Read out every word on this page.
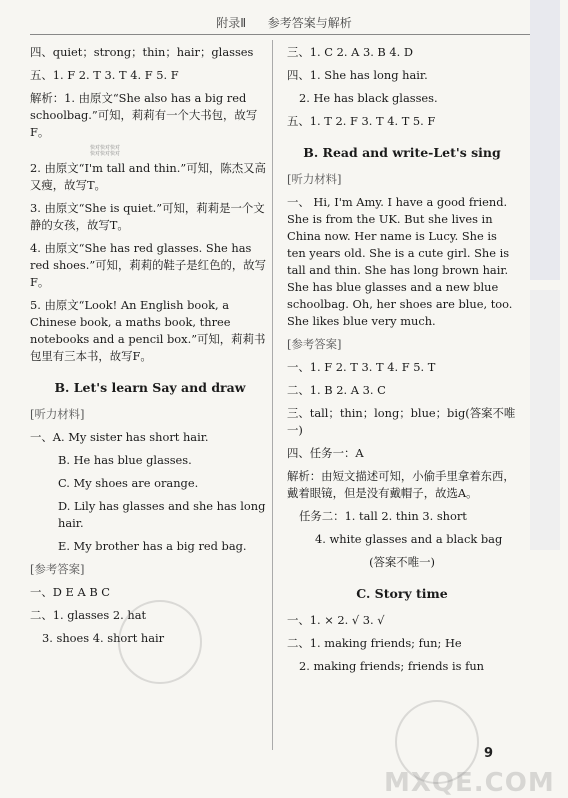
附录Ⅱ 参考答案与解析

四、quiet；strong；thin；hair；glasses

五、1. F 2. T 3. T 4. F 5. F

解析：1. 由原文“She also has a big red schoolbag.”可知，莉莉有一个大书包，故写F。

快对快对快对
快对快对快对

2. 由原文“I'm tall and thin.”可知，陈杰又高又瘦，故写T。

3. 由原文“She is quiet.”可知，莉莉是一个文静的女孩，故写T。

4. 由原文“She has red glasses. She has red shoes.”可知，莉莉的鞋子是红色的，故写F。

5. 由原文“Look! An English book, a Chinese book, a maths book, three notebooks and a pencil box.”可知，莉莉书包里有三本书，故写F。

B. Let's learn Say and draw
[听力材料]

一、A. My sister has short hair.

B. He has blue glasses.

C. My shoes are orange.

D. Lily has glasses and she has long hair.

E. My brother has a big red bag.

[参考答案]

一、D E A B C

二、1. glasses 2. hat

3. shoes 4. short hair

三、1. C 2. A 3. B 4. D

四、1. She has long hair.

2. He has black glasses.

五、1. T 2. F 3. T 4. T 5. F

B. Read and write-Let's sing
[听力材料]

一、 Hi, I'm Amy. I have a good friend. She is from the UK. But she lives in China now. Her name is Lucy. She is ten years old. She is a cute girl. She is tall and thin. She has long brown hair. She has blue glasses and a new blue schoolbag. Oh, her shoes are blue, too. She likes blue very much.

[参考答案]

一、1. F 2. T 3. T 4. F 5. T

二、1. B 2. A 3. C

三、tall；thin；long；blue；big(答案不唯一)

四、任务一：A

解析：由短文描述可知，小偷手里拿着东西，戴着眼镜，但是没有戴帽子，故选A。

任务二：1. tall 2. thin 3. short

4. white glasses and a black bag

(答案不唯一)

C. Story time

一、1. × 2. √ 3. √

二、1. making friends; fun; He

2. making friends; friends is fun

9
MXQE.COM
